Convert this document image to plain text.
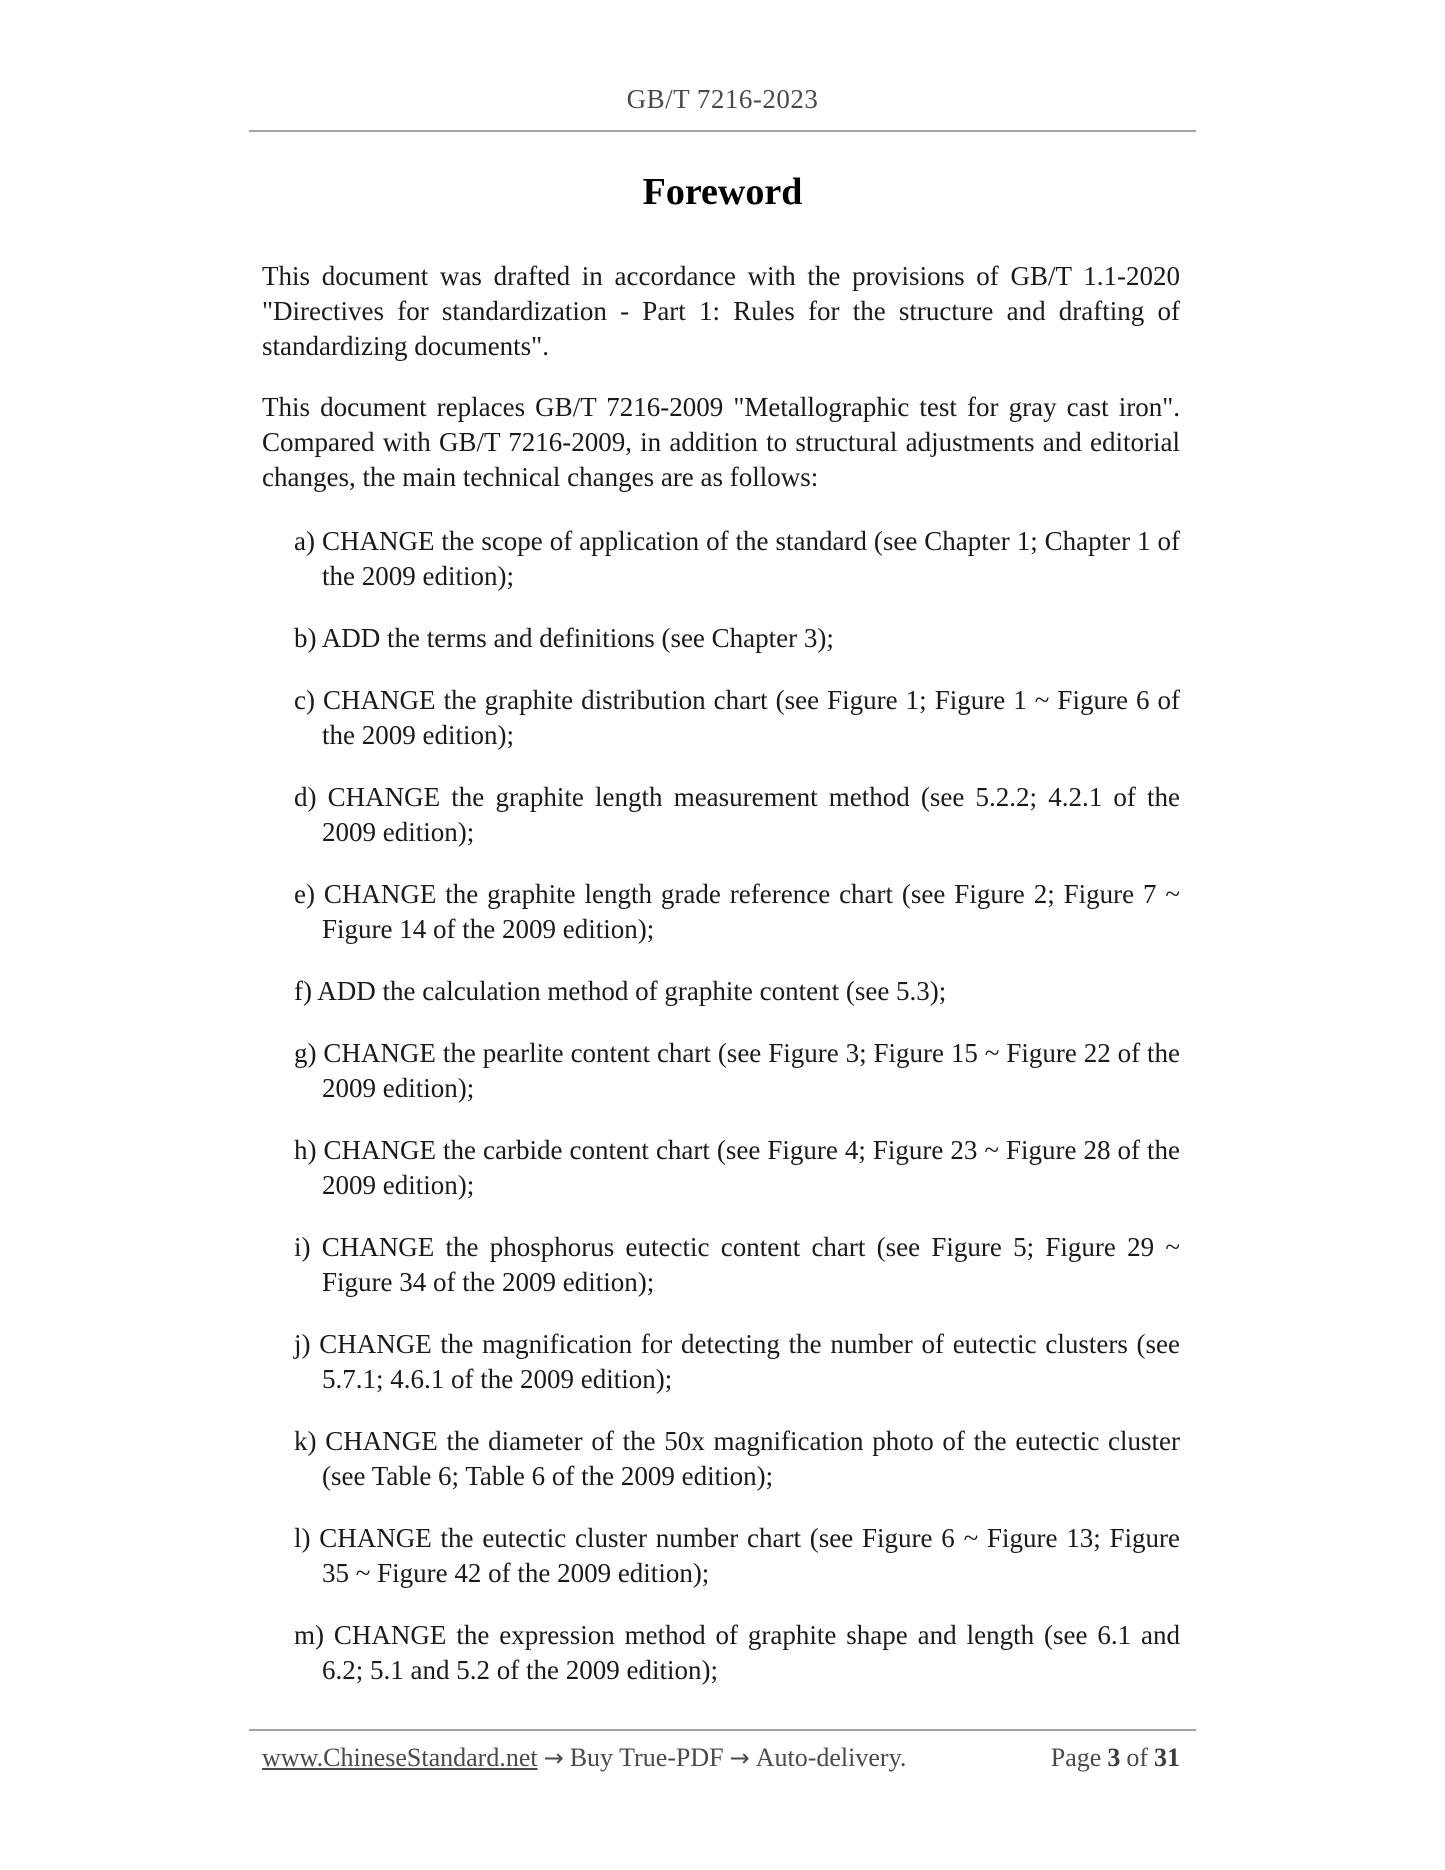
GB/T 7216-2023
Foreword

This document was drafted in accordance with the provisions of GB/T 1.1-2020 "Directives for standardization - Part 1: Rules for the structure and drafting of standardizing documents".

This document replaces GB/T 7216-2009 "Metallographic test for gray cast iron". Compared with GB/T 7216-2009, in addition to structural adjustments and editorial changes, the main technical changes are as follows:

a) CHANGE the scope of application of the standard (see Chapter 1; Chapter 1 of the 2009 edition);
b) ADD the terms and definitions (see Chapter 3);
c) CHANGE the graphite distribution chart (see Figure 1; Figure 1 ~ Figure 6 of the 2009 edition);
d) CHANGE the graphite length measurement method (see 5.2.2; 4.2.1 of the 2009 edition);
e) CHANGE the graphite length grade reference chart (see Figure 2; Figure 7 ~ Figure 14 of the 2009 edition);
f) ADD the calculation method of graphite content (see 5.3);
g) CHANGE the pearlite content chart (see Figure 3; Figure 15 ~ Figure 22 of the 2009 edition);
h) CHANGE the carbide content chart (see Figure 4; Figure 23 ~ Figure 28 of the 2009 edition);
i) CHANGE the phosphorus eutectic content chart (see Figure 5; Figure 29 ~ Figure 34 of the 2009 edition);
j) CHANGE the magnification for detecting the number of eutectic clusters (see 5.7.1; 4.6.1 of the 2009 edition);
k) CHANGE the diameter of the 50x magnification photo of the eutectic cluster (see Table 6; Table 6 of the 2009 edition);
l) CHANGE the eutectic cluster number chart (see Figure 6 ~ Figure 13; Figure 35 ~ Figure 42 of the 2009 edition);
m) CHANGE the expression method of graphite shape and length (see 6.1 and 6.2; 5.1 and 5.2 of the 2009 edition);
www.ChineseStandard.net → Buy True-PDF → Auto-delivery.	Page 3 of 31
